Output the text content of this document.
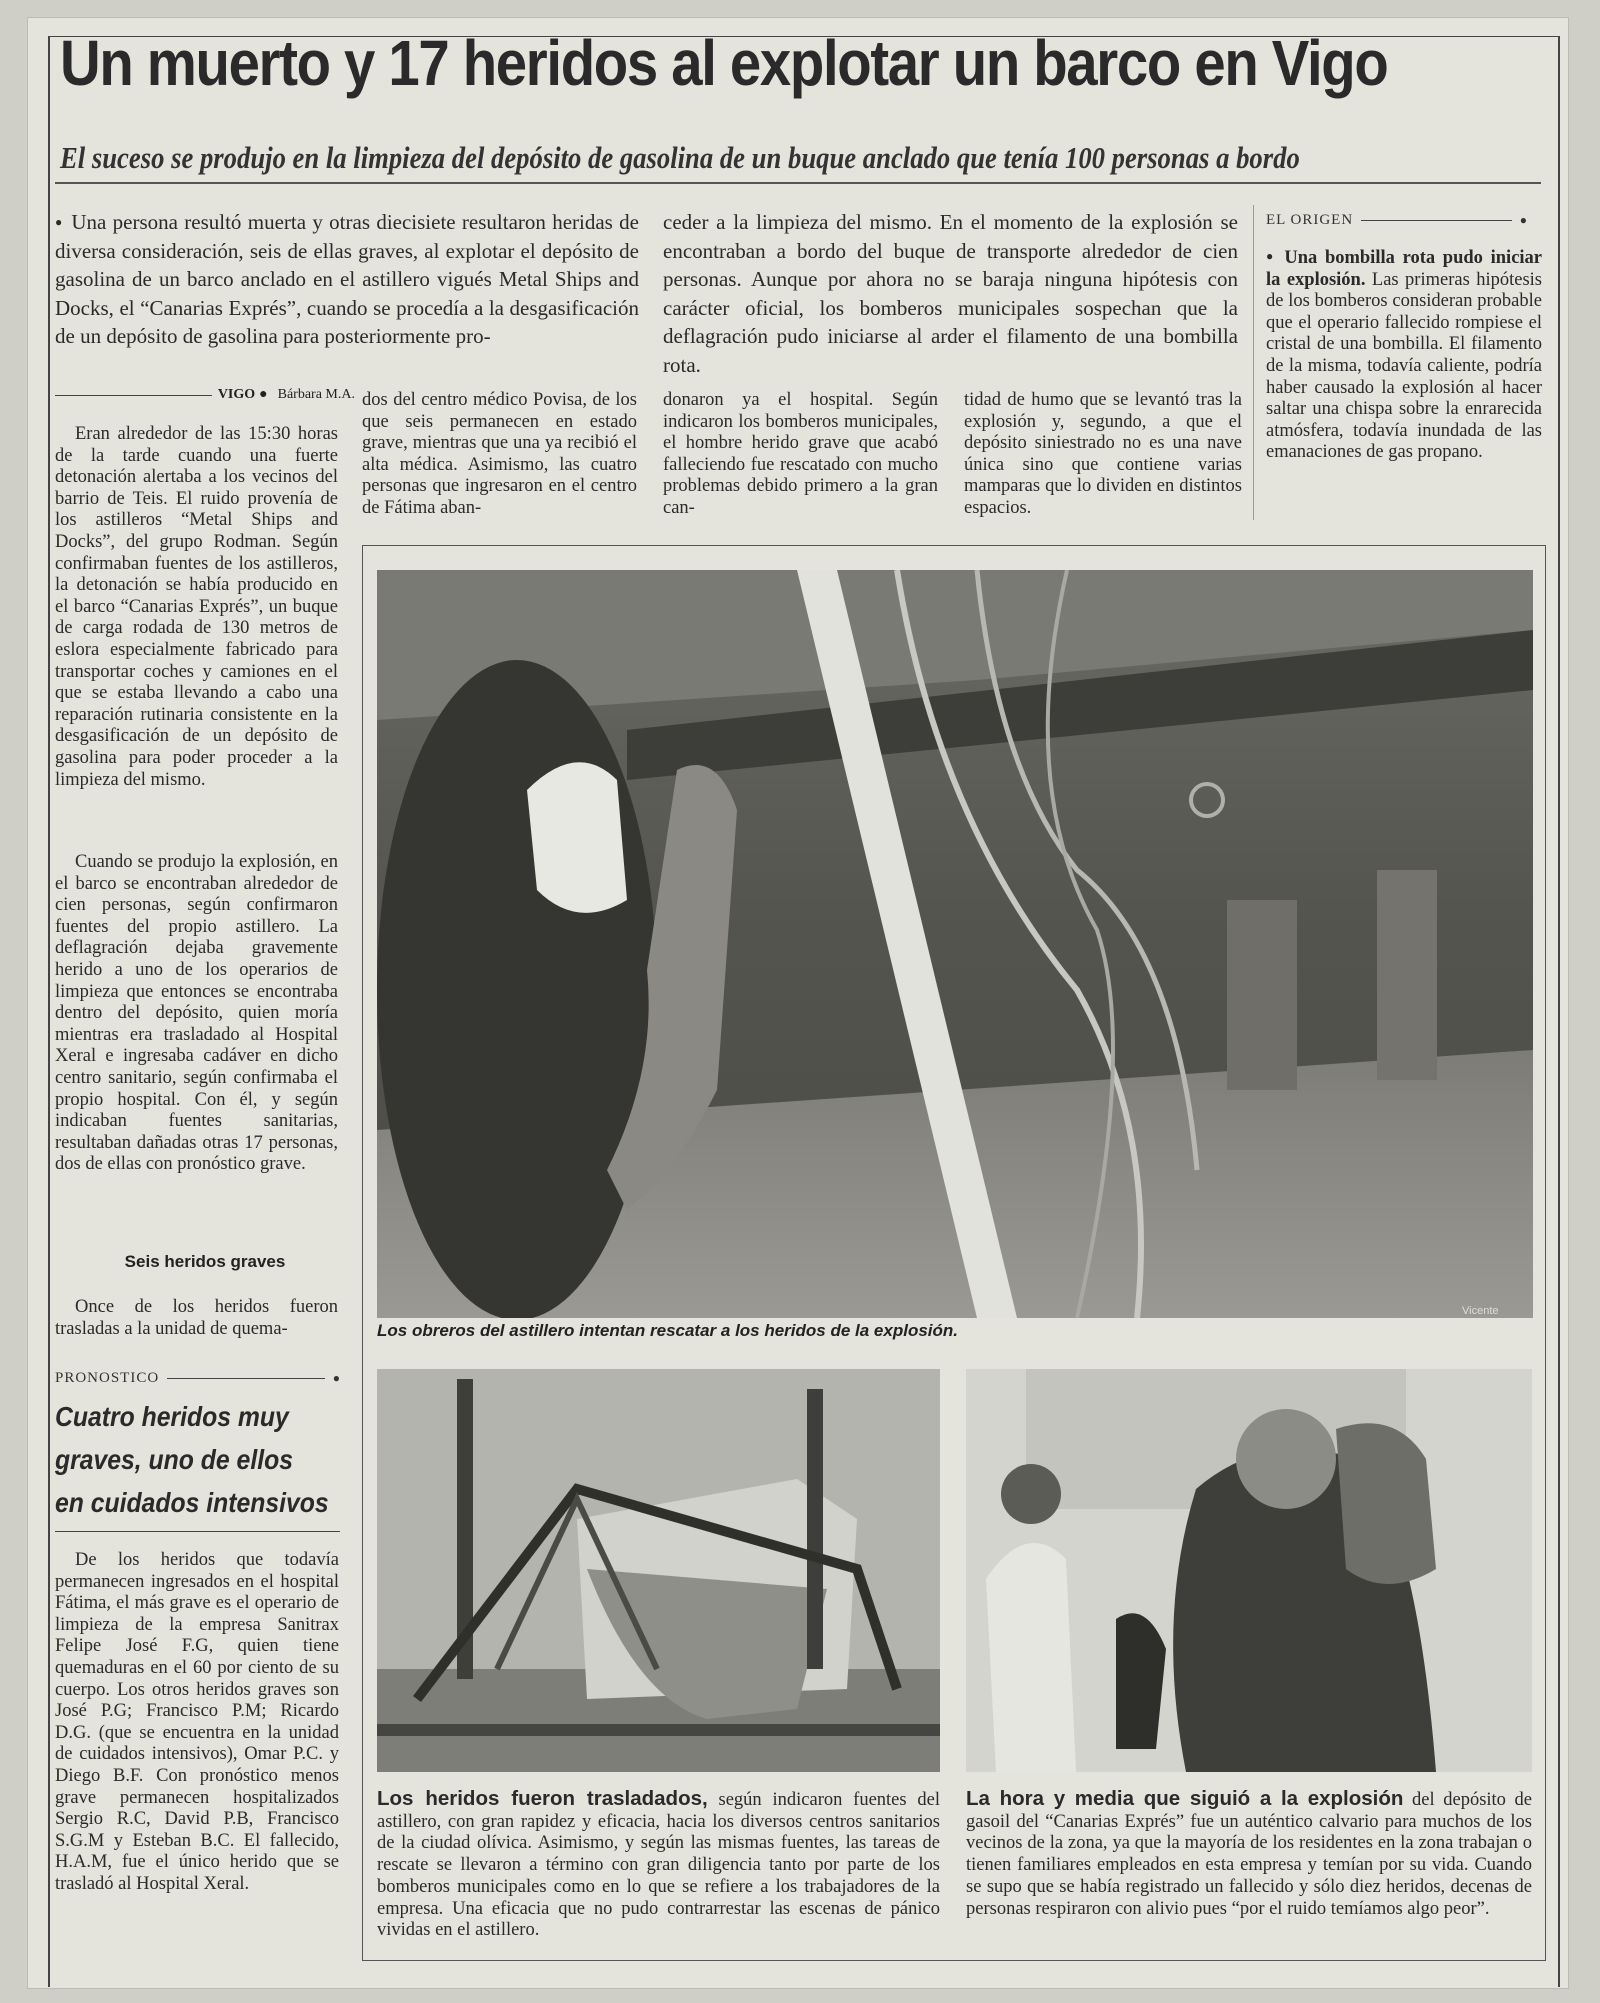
Un muerto y 17 heridos al explotar un barco en Vigo
El suceso se produjo en la limpieza del depósito de gasolina de un buque anclado que tenía 100 personas a bordo
● Una persona resultó muerta y otras diecisiete resultaron heridas de diversa consideración, seis de ellas graves, al explotar el depósito de gasolina de un barco anclado en el astillero vigués Metal Ships and Docks, el “Canarias Exprés”, cuando se procedía a la desgasificación de un depósito de gasolina para posteriormente pro-
ceder a la limpieza del mismo. En el momento de la explosión se encontraban a bordo del buque de transporte alrededor de cien personas. Aunque por ahora no se baraja ninguna hipótesis con carácter oficial, los bomberos municipales sospechan que la deflagración pudo iniciarse al arder el filamento de una bombilla rota.
VIGO ● Bárbara M.A.
Eran alrededor de las 15:30 horas de la tarde cuando una fuerte detonación alertaba a los vecinos del barrio de Teis. El ruido provenía de los astilleros “Metal Ships and Docks”, del grupo Rodman. Según confirmaban fuentes de los astilleros, la detonación se había producido en el barco “Canarias Exprés”, un buque de carga rodada de 130 metros de eslora especialmente fabricado para transportar coches y camiones en el que se estaba llevando a cabo una reparación rutinaria consistente en la desgasificación de un depósito de gasolina para poder proceder a la limpieza del mismo.
Cuando se produjo la explosión, en el barco se encontraban alrededor de cien personas, según confirmaron fuentes del propio astillero. La deflagración dejaba gravemente herido a uno de los operarios de limpieza que entonces se encontraba dentro del depósito, quien moría mientras era trasladado al Hospital Xeral e ingresaba cadáver en dicho centro sanitario, según confirmaba el propio hospital. Con él, y según indicaban fuentes sanitarias, resultaban dañadas otras 17 personas, dos de ellas con pronóstico grave.
Seis heridos graves
Once de los heridos fueron trasladas a la unidad de quema-
dos del centro médico Povisa, de los que seis permanecen en estado grave, mientras que una ya recibió el alta médica. Asimismo, las cuatro personas que ingresaron en el centro de Fátima aban-
donaron ya el hospital. Según indicaron los bomberos municipales, el hombre herido grave que acabó falleciendo fue rescatado con mucho problemas debido primero a la gran can-
tidad de humo que se levantó tras la explosión y, segundo, a que el depósito siniestrado no es una nave única sino que contiene varias mamparas que lo dividen en distintos espacios.
EL ORIGEN	●
● Una bombilla rota pudo iniciar la explosión. Las primeras hipótesis de los bomberos consideran probable que el operario fallecido rompiese el cristal de una bombilla. El filamento de la misma, todavía caliente, podría haber causado la explosión al hacer saltar una chispa sobre la enrarecida atmósfera, todavía inundada de las emanaciones de gas propano.
PRONOSTICO	●
Cuatro heridos muy
graves, uno de ellos
en cuidados intensivos
De los heridos que todavía permanecen ingresados en el hospital Fátima, el más grave es el operario de limpieza de la empresa Sanitrax Felipe José F.G, quien tiene quemaduras en el 60 por ciento de su cuerpo. Los otros heridos graves son José P.G; Francisco P.M; Ricardo D.G. (que se encuentra en la unidad de cuidados intensivos), Omar P.C. y Diego B.F. Con pronóstico menos grave permanecen hospitalizados Sergio R.C, David P.B, Francisco S.G.M y Esteban B.C. El fallecido, H.A.M, fue el único herido que se trasladó al Hospital Xeral.
Vicente
Los obreros del astillero intentan rescatar a los heridos de la explosión.
Los heridos fueron trasladados, según indicaron fuentes del astillero, con gran rapidez y eficacia, hacia los diversos centros sanitarios de la ciudad olívica. Asimismo, y según las mismas fuentes, las tareas de rescate se llevaron a término con gran diligencia tanto por parte de los bomberos municipales como en lo que se refiere a los trabajadores de la empresa. Una eficacia que no pudo contrarrestar las escenas de pánico vividas en el astillero.
La hora y media que siguió a la explosión del depósito de gasoil del “Canarias Exprés” fue un auténtico calvario para muchos de los vecinos de la zona, ya que la mayoría de los residentes en la zona trabajan o tienen familiares empleados en esta empresa y temían por su vida. Cuando se supo que se había registrado un fallecido y sólo diez heridos, decenas de personas respiraron con alivio pues “por el ruido temíamos algo peor”.
